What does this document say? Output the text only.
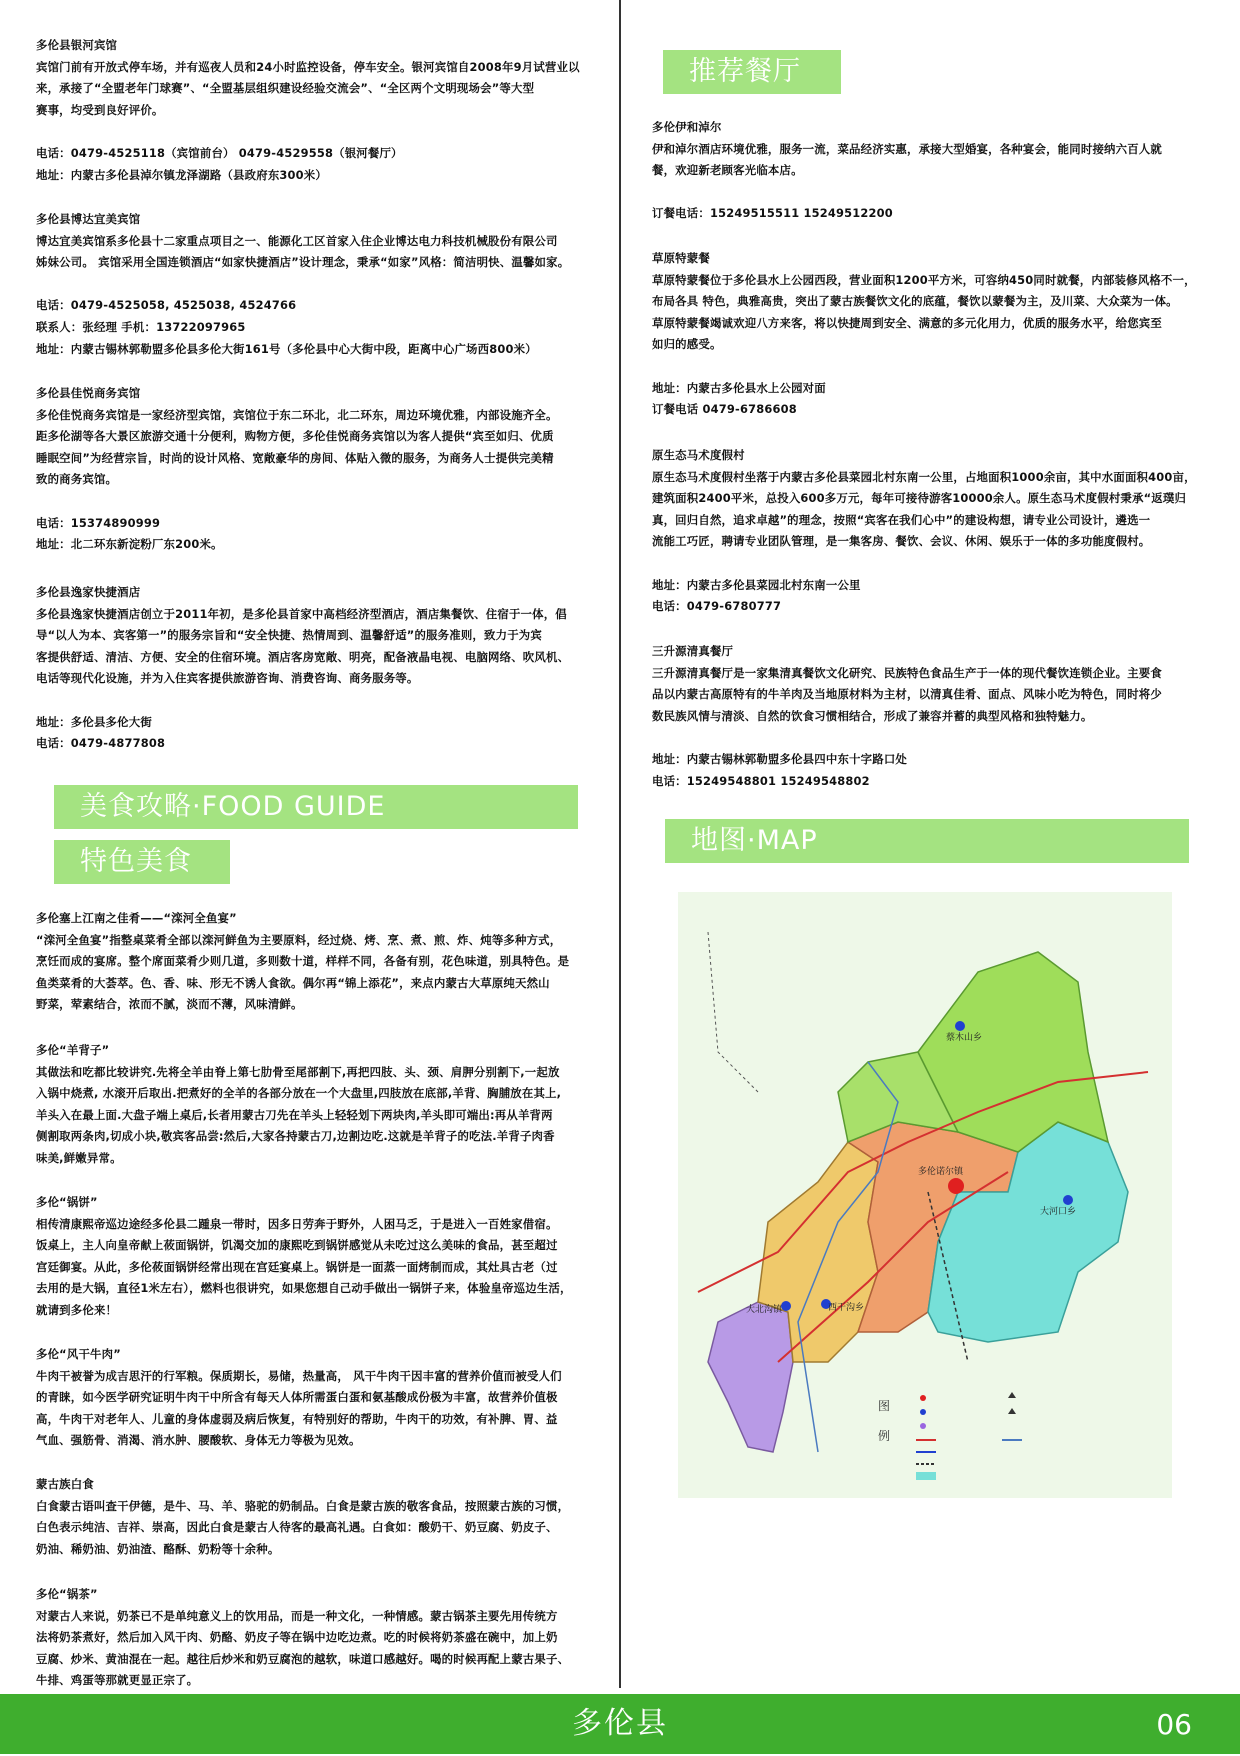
多伦县银河宾馆

宾馆门前有开放式停车场，并有巡夜人员和24小时监控设备，停车安全。银河宾馆自2008年9月试营业以

来，承接了“全盟老年门球赛”、“全盟基层组织建设经验交流会”、“全区两个文明现场会”等大型

赛事，均受到良好评价。

电话：0479-4525118（宾馆前台） 0479-4529558（银河餐厅）

地址：内蒙古多伦县淖尔镇龙泽湖路（县政府东300米）

多伦县博达宜美宾馆

博达宜美宾馆系多伦县十二家重点项目之一、能源化工区首家入住企业博达电力科技机械股份有限公司

姊妹公司。 宾馆采用全国连锁酒店“如家快捷酒店”设计理念，秉承“如家”风格：简洁明快、温馨如家。

电话：0479-4525058, 4525038, 4524766

联系人：张经理 手机：13722097965

地址：内蒙古锡林郭勒盟多伦县多伦大街161号（多伦县中心大街中段，距离中心广场西800米）

多伦县佳悦商务宾馆

多伦佳悦商务宾馆是一家经济型宾馆，宾馆位于东二环北，北二环东，周边环境优雅，内部设施齐全。

距多伦湖等各大景区旅游交通十分便利，购物方便，多伦佳悦商务宾馆以为客人提供“宾至如归、优质

睡眠空间”为经营宗旨，时尚的设计风格、宽敞豪华的房间、体贴入微的服务，为商务人士提供完美精

致的商务宾馆。

电话：15374890999

地址：北二环东新淀粉厂东200米。

多伦县逸家快捷酒店

多伦县逸家快捷酒店创立于2011年初，是多伦县首家中高档经济型酒店，酒店集餐饮、住宿于一体，倡

导“以人为本、宾客第一”的服务宗旨和“安全快捷、热情周到、温馨舒适”的服务准则，致力于为宾

客提供舒适、清洁、方便、安全的住宿环境。酒店客房宽敞、明亮，配备液晶电视、电脑网络、吹风机、

电话等现代化设施，并为入住宾客提供旅游咨询、消费咨询、商务服务等。

地址：多伦县多伦大街

电话：0479-4877808

多伦塞上江南之佳肴——“滦河全鱼宴”

“滦河全鱼宴”指整桌菜肴全部以滦河鲜鱼为主要原料，经过烧、烤、烹、煮、煎、炸、炖等多种方式，

烹饪而成的宴席。整个席面菜肴少则几道，多则数十道，样样不同，各备有别，花色味道，别具特色。是

鱼类菜肴的大荟萃。色、香、味、形无不诱人食欲。偶尔再“锦上添花”，来点内蒙古大草原纯天然山

野菜，荤素结合，浓而不腻，淡而不薄，风味清鲜。

多伦“羊背子”

其做法和吃都比较讲究.先将全羊由脊上第七肋骨至尾部割下,再把四肢、头、颈、肩胛分别割下,一起放

入锅中烧煮, 水滚开后取出.把煮好的全羊的各部分放在一个大盘里,四肢放在底部,羊背、胸脯放在其上,

羊头入在最上面.大盘子端上桌后,长者用蒙古刀先在羊头上轻轻划下两块肉,羊头即可端出:再从羊背两

侧割取两条肉,切成小块,敬宾客品尝:然后,大家各持蒙古刀,边割边吃.这就是羊背子的吃法.羊背子肉香

味美,鲜嫩异常。

多伦“锅饼”

相传清康熙帝巡边途经多伦县二踵泉一带时，因多日劳奔于野外，人困马乏，于是进入一百姓家借宿。

饭桌上，主人向皇帝献上莜面锅饼，饥渴交加的康熙吃到锅饼感觉从未吃过这么美味的食品，甚至超过

宫廷御宴。从此，多伦莜面锅饼经常出现在宫廷宴桌上。锅饼是一面蒸一面烤制而成，其灶具古老（过

去用的是大锅，直径1米左右），燃料也很讲究，如果您想自己动手做出一锅饼子来，体验皇帝巡边生活，

就请到多伦来！

多伦“风干牛肉”

牛肉干被誉为成吉思汗的行军粮。保质期长，易储，热量高， 风干牛肉干因丰富的营养价值而被受人们

的青睐，如今医学研究证明牛肉干中所含有每天人体所需蛋白蛋和氨基酸成份极为丰富，故营养价值极

高，牛肉干对老年人、儿童的身体虚弱及病后恢复，有特别好的帮助，牛肉干的功效，有补脾、胃、益

气血、强筋骨、消渴、消水肿、腰酸软、身体无力等极为见效。

蒙古族白食

白食蒙古语叫查干伊德，是牛、马、羊、骆驼的奶制品。白食是蒙古族的敬客食品，按照蒙古族的习惯，

白色表示纯洁、吉祥、崇高，因此白食是蒙古人待客的最高礼遇。白食如：酸奶干、奶豆腐、奶皮子、

奶油、稀奶油、奶油渣、酪酥、奶粉等十余种。

多伦“锅茶”

对蒙古人来说，奶茶已不是单纯意义上的饮用品，而是一种文化，一种情感。蒙古锅茶主要先用传统方

法将奶茶煮好，然后加入风干肉、奶酪、奶皮子等在锅中边吃边煮。吃的时候将奶茶盛在碗中，加上奶

豆腐、炒米、黄油混在一起。越往后炒米和奶豆腐泡的越软，味道口感越好。喝的时候再配上蒙古果子、

牛排、鸡蛋等那就更显正宗了。

美食攻略·FOOD GUIDE
特色美食
推荐餐厅

多伦伊和淖尔

伊和淖尔酒店环境优雅，服务一流，菜品经济实惠，承接大型婚宴，各种宴会，能同时接纳六百人就

餐，欢迎新老顾客光临本店。

订餐电话：15249515511 15249512200

草原特蒙餐

草原特蒙餐位于多伦县水上公园西段，营业面积1200平方米，可容纳450同时就餐，内部装修风格不一，

布局各具 特色，典雅高贵，突出了蒙古族餐饮文化的底蕴，餐饮以蒙餐为主，及川菜、大众菜为一体。

草原特蒙餐竭诚欢迎八方来客，将以快捷周到安全、满意的多元化用力，优质的服务水平，给您宾至

如归的感受。

地址：内蒙古多伦县水上公园对面

订餐电话 0479-6786608

原生态马术度假村

原生态马术度假村坐落于内蒙古多伦县菜园北村东南一公里，占地面积1000余亩，其中水面面积400亩，

建筑面积2400平米，总投入600多万元，每年可接待游客10000余人。原生态马术度假村秉承“返璞归

真，回归自然，追求卓越”的理念，按照“宾客在我们心中”的建设构想，请专业公司设计，遴选一

流能工巧匠，聘请专业团队管理，是一集客房、餐饮、会议、休闲、娱乐于一体的多功能度假村。

地址：内蒙古多伦县菜园北村东南一公里

电话：0479-6780777

三升源清真餐厅

三升源清真餐厅是一家集清真餐饮文化研究、民族特色食品生产于一体的现代餐饮连锁企业。主要食

品以内蒙古高原特有的牛羊肉及当地原材料为主材，以清真佳肴、面点、风味小吃为特色，同时将少

数民族风情与清淡、自然的饮食习惯相结合，形成了兼容并蓄的典型风格和独特魅力。

地址：内蒙古锡林郭勒盟多伦县四中东十字路口处

电话：15249548801 15249548802

地图·MAP
蔡木山乡
多伦诺尔镇
大河口乡
大北沟镇	西干沟乡
图
例
多伦县	06
